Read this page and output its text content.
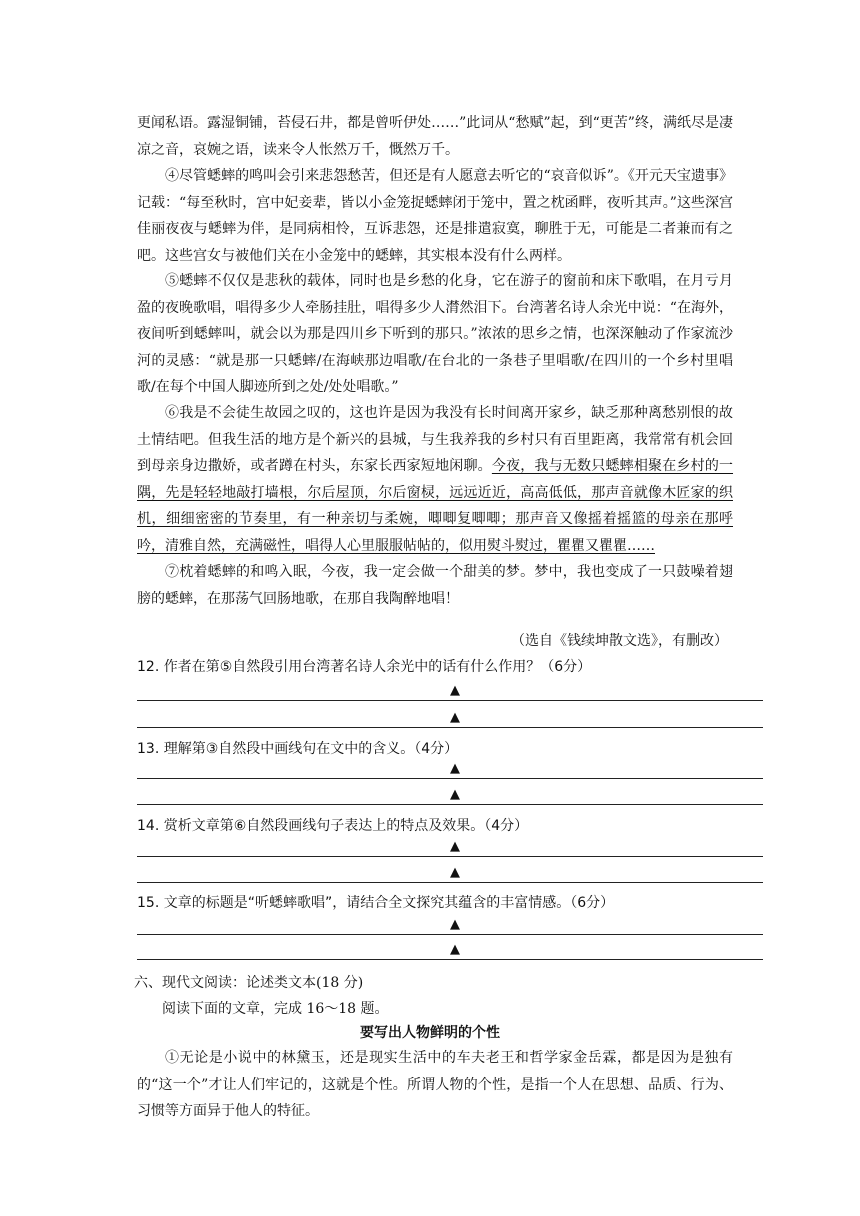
更闻私语。露湿铜铺，苔侵石井，都是曾听伊处……”此词从“愁赋”起，到“更苦”终，满纸尽是凄凉之音，哀婉之语，读来令人怅然万千，慨然万千。
④尽管蟋蟀的鸣叫会引来悲怨愁苦，但还是有人愿意去听它的“哀音似诉”。《开元天宝遗事》记载：“每至秋时，宫中妃妾辈，皆以小金笼捉蟋蟀闭于笼中，置之枕函畔，夜听其声。”这些深宫佳丽夜夜与蟋蟀为伴，是同病相怜，互诉悲怨，还是排遣寂寞，聊胜于无，可能是二者兼而有之吧。这些宫女与被他们关在小金笼中的蟋蟀，其实根本没有什么两样。
⑤蟋蟀不仅仅是悲秋的载体，同时也是乡愁的化身，它在游子的窗前和床下歌唱，在月亏月盈的夜晚歌唱，唱得多少人牵肠挂肚，唱得多少人潸然泪下。台湾著名诗人余光中说：“在海外，夜间听到蟋蟀叫，就会以为那是四川乡下听到的那只。”浓浓的思乡之情，也深深触动了作家流沙河的灵感：“就是那一只蟋蟀/在海峡那边唱歌/在台北的一条巷子里唱歌/在四川的一个乡村里唱歌/在每个中国人脚迹所到之处/处处唱歌。”
⑥我是不会徒生故园之叹的，这也许是因为我没有长时间离开家乡，缺乏那种离愁别恨的故土情结吧。但我生活的地方是个新兴的县城，与生我养我的乡村只有百里距离，我常常有机会回到母亲身边撒娇，或者蹲在村头，东家长西家短地闲聊。今夜，我与无数只蟋蟀相聚在乡村的一隅，先是轻轻地敲打墙根，尔后屋顶，尔后窗棂，远远近近，高高低低，那声音就像木匠家的织机，细细密密的节奏里，有一种亲切与柔婉，唧唧复唧唧；那声音又像摇着摇篮的母亲在那呼吟，清雅自然，充满磁性，唱得人心里服服帖帖的，似用熨斗熨过，瞿瞿又瞿瞿……
⑦枕着蟋蟀的和鸣入眠，今夜，我一定会做一个甜美的梦。梦中，我也变成了一只鼓噪着翅膀的蟋蟀，在那荡气回肠地歌，在那自我陶醉地唱！
（选自《钱续坤散文选》，有删改）
12. 作者在第⑤自然段引用台湾著名诗人余光中的话有什么作用？（6分）
▲
▲
13. 理解第③自然段中画线句在文中的含义。（4分）
▲
▲
14. 赏析文章第⑥自然段画线句子表达上的特点及效果。（4分）
▲
▲
15. 文章的标题是“听蟋蟀歌唱”，请结合全文探究其蕴含的丰富情感。（6分）
▲
▲
六、现代文阅读：论述类文本(18 分)
阅读下面的文章，完成 16～18 题。
要写出人物鲜明的个性
①无论是小说中的林黛玉，还是现实生活中的车夫老王和哲学家金岳霖，都是因为是独有的“这一个”才让人们牢记的，这就是个性。所谓人物的个性，是指一个人在思想、品质、行为、习惯等方面异于他人的特征。
